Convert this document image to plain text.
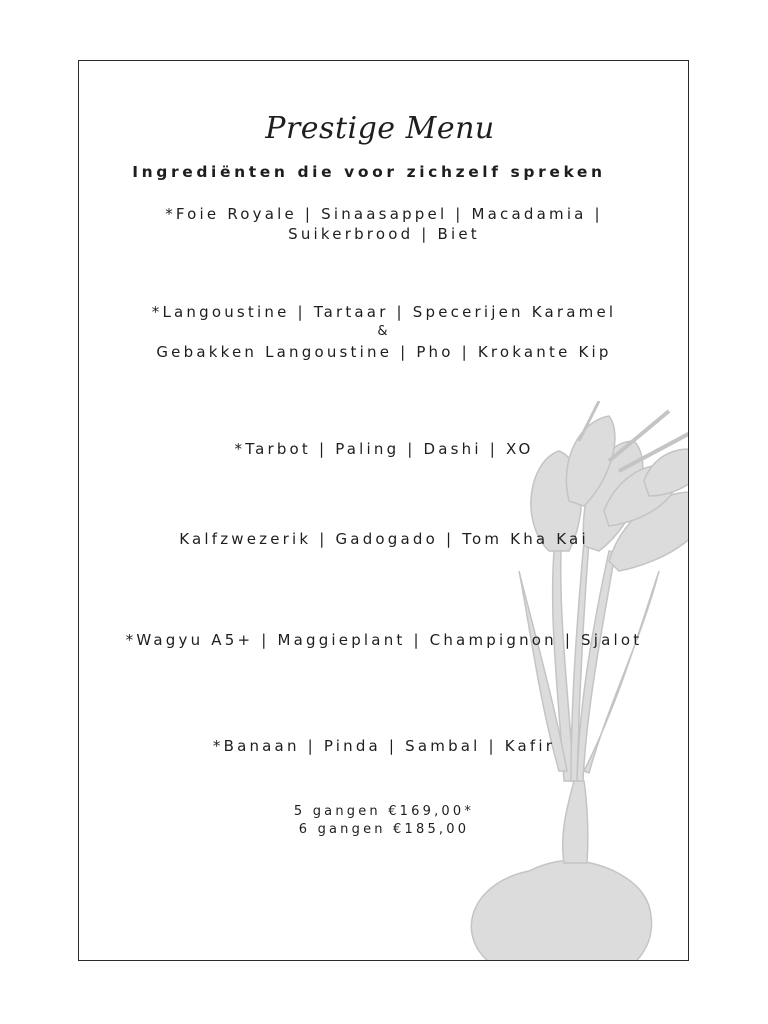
Prestige Menu
Ingrediënten die voor zichzelf spreken
*Foie Royale | Sinaasappel | Macadamia |
Suikerbrood | Biet
*Langoustine | Tartaar | Specerijen Karamel
&
Gebakken Langoustine | Pho | Krokante Kip
*Tarbot | Paling | Dashi | XO
Kalfzwezerik | Gadogado | Tom Kha Kai
*Wagyu A5+ | Maggieplant | Champignon | Sjalot
*Banaan | Pinda | Sambal | Kafir
5 gangen €169,00*
6 gangen €185,00
